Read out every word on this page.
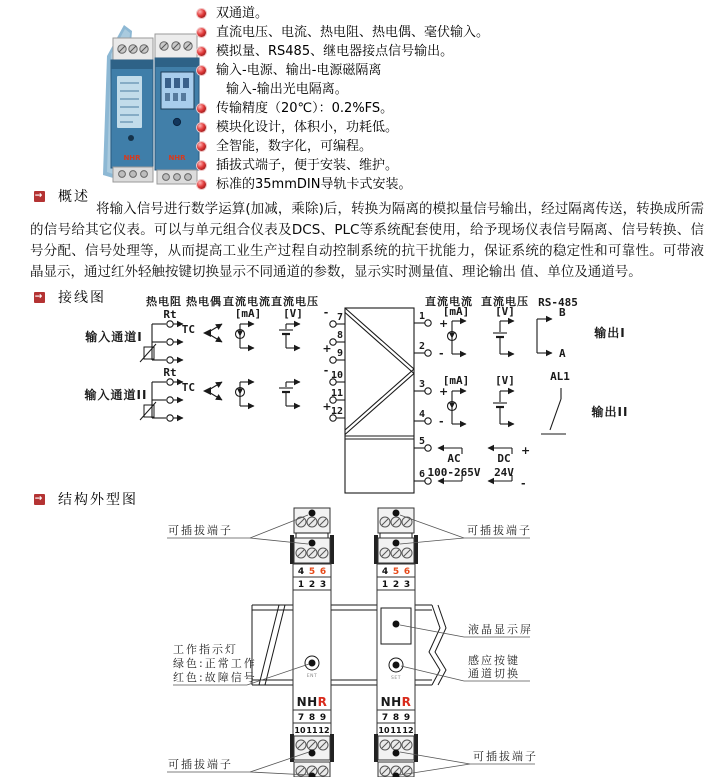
NHR	NHR
双通道。
直流电压、电流、热电阻、热电偶、毫伏输入。
模拟量、RS485、继电器接点信号输出。
输入-电源、输出-电源磁隔离
输入-输出光电隔离。
传输精度（20℃）：0.2%FS。
模块化设计，体积小，功耗低。
全智能，数字化，可编程。
插拔式端子，便于安装、维护。
标准的35mmDIN导轨卡式安装。
→ 概述
将输入信号进行数学运算(加减，乘除)后，转换为隔离的模拟量信号输出，经过隔离传送，转换成所需的信号给其它仪表。可以与单元组合仪表及DCS、PLC等系统配套使用，给予现场仪表信号隔离、信号转换、信号分配、信号处理等，从而提高工业生产过程自动控制系统的抗干扰能力，保证系统的稳定性和可靠性。可带液晶显示，通过红外轻触按键切换显示不同通道的参数，显示实时测量值、理论输出 值、单位及通道号。
→ 接线图	热电阻 热电偶 直流电流 直流电压	直流电流 直流电压
输入通道I
输入通道II
输出I
输出II
Rt
TC
[mA] [V] -
+
7
8
9
Rt
TC
-
+
10
11
12
1
+
2
-
3
+
4
-
5
6
[mA] [V]
RS-485
B
A
[mA] [V]	AL1
AC
100-265V
DC
24V
+
-
→ 结构外型图
4 5 6
1 2 3
ENT
NHR
7 8 9
10 11 12
4 5 6
1 2 3
SET
NHR
7 8 9
10 11 12
可插拔端子	可插拔端子
液晶显示屏
感应按键
通道切换
工作指示灯
绿色:正常工作
红色:故障信号
可插拔端子
可插拔端子
